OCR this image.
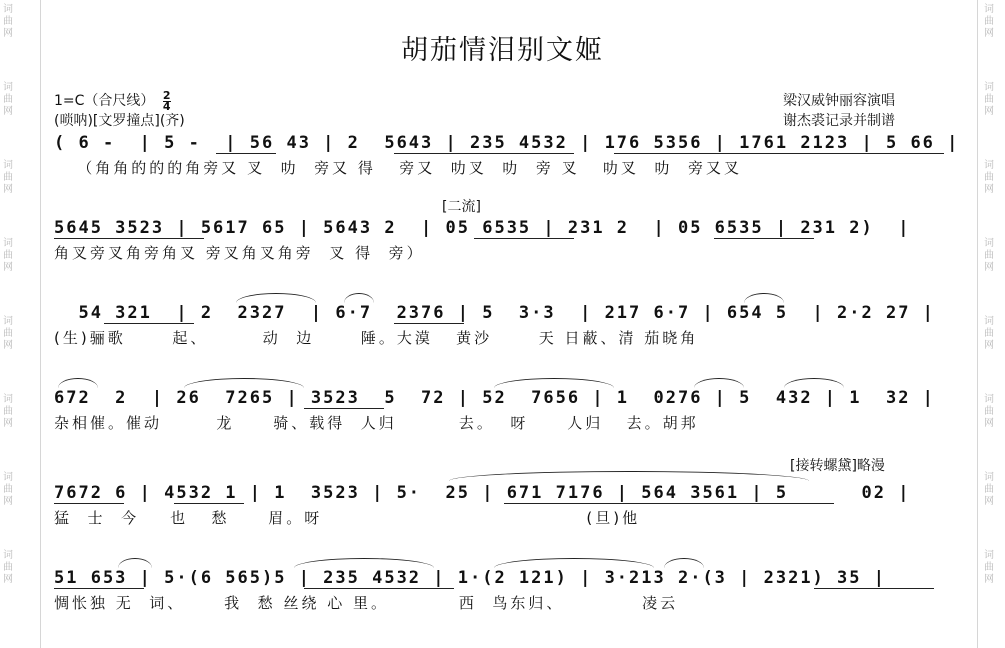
词曲网
词曲网
词曲网
词曲网
词曲网
词曲网
词曲网
词曲网
词曲网
词曲网
词曲网
词曲网
词曲网
词曲网
词曲网
词曲网
胡茄情泪别文姬
1=C（合尺线） $\frac{2}{4}$
(唢呐)[文罗撞点](齐)
梁汉威钟丽容演唱
谢杰裘记录并制谱
( 6 -  | 5 -  | 56 43 | 2  5643 | 235 4532 | 176 5356 | 1761 2123 | 5 66 |
（角角的的的角旁又 叉  叻  旁又 得   旁又  叻叉  叻  旁 叉   叻叉  叻  旁又叉
[二流]
5645 3523 | 5617 65 | 5643 2  | 05 6535 | 231 2  | 05 6535 | 231 2)  |
角叉旁叉角旁角叉 旁叉角叉角旁  叉 得  旁）
54 321  | 2  2327  | 6·7  2376 | 5  3·3  | 217 6·7 | 654 5  | 2·2 27 |
(生)骊歌      起、       动  边      陲。大漠   黄沙      天 日蔽、清 茄晓角
672  2  | 26  7265 | 3523  5  72 | 52  7656 | 1  0276 | 5  432 | 1  32 |
杂相催。催动       龙     骑、载得  人归        去。  呀     人归   去。胡邦
[接转螺黛]略漫
7672 6 | 4532 1 | 1  3523 | 5·  25 | 671 7176 | 564 3561 | 5      02 |
猛  士  今    也   愁     眉。呀                                  (旦)他
51 653 | 5·(6 565)5 | 235 4532 | 1·(2 121) | 3·213 2·(3 | 2321) 35 |
惆怅独 无  词、     我  愁 丝绕 心 里。         西  鸟东归、          凌云
